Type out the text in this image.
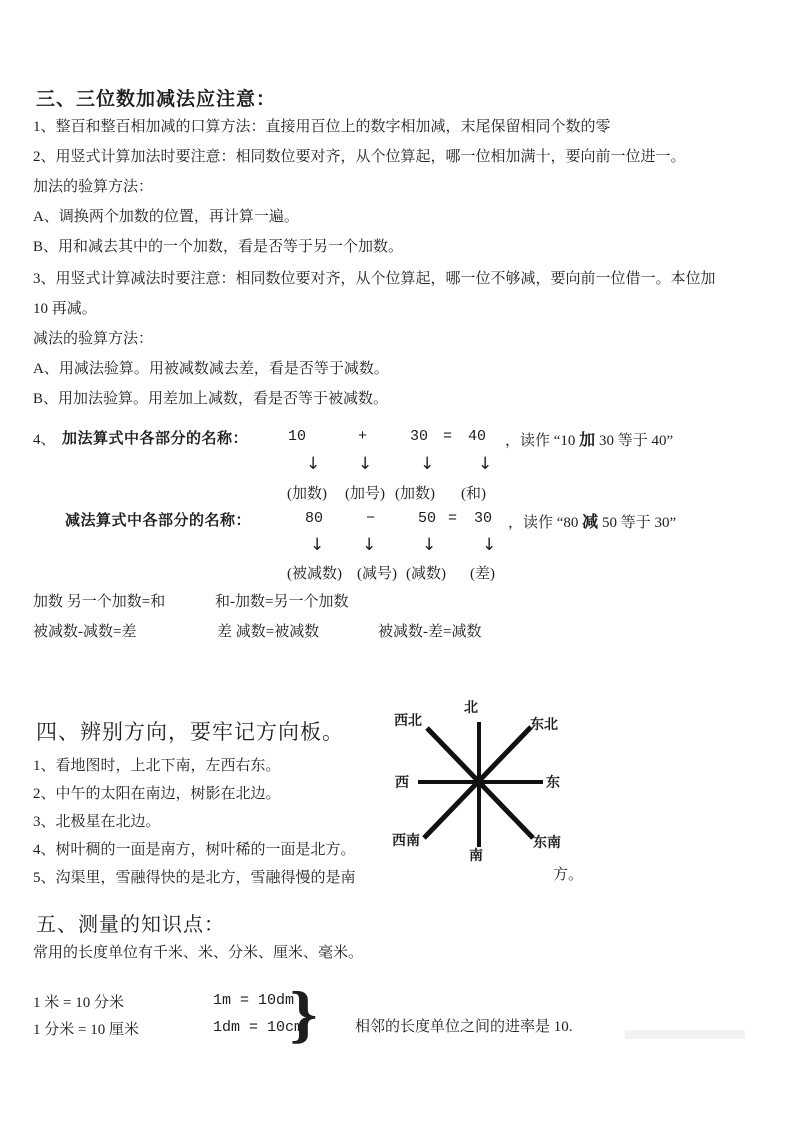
三、三位数加减法应注意：
1、整百和整百相加减的口算方法：直接用百位上的数字相加减，末尾保留相同个数的零
2、用竖式计算加法时要注意：相同数位要对齐，从个位算起，哪一位相加满十，要向前一位进一。
加法的验算方法：
A、调换两个加数的位置，再计算一遍。
B、用和减去其中的一个加数，看是否等于另一个加数。
3、用竖式计算减法时要注意：相同数位要对齐，从个位算起，哪一位不够减，要向前一位借一。本位加
10 再减。
减法的验算方法：
A、用减法验算。用被减数减去差，看是否等于减数。
B、用加法验算。用差加上减数，看是否等于被减数。
4、 加法算式中各部分的名称：	10	+	30 = 40 ，读作 “10 加 30 等于 40”
↓ ↓	↓	↓
(加数) (加号) (加数) (和)
减法算式中各部分的名称：	80	−	50 = 30 ，读作 “80 减 50 等于 30”
↓ ↓	↓	↓
(被减数) (减号) (减数) (差)
加数 另一个加数=和	和-加数=另一个加数
被减数-减数=差	差 减数=被减数	被减数-差=减数
四、辨别方向，要牢记方向板。
1、看地图时，上北下南，左西右东。
2、中午的太阳在南边，树影在北边。
3、北极星在北边。
4、树叶稠的一面是南方，树叶稀的一面是北方。
5、沟渠里，雪融得快的是北方，雪融得慢的是南	方。
北
西北	东北
西	东
西南	东南
南
五、测量的知识点：
常用的长度单位有千米、米、分米、厘米、毫米。
1 米 = 10 分米
1 分米 = 10 厘米
1m = 10dm
1dm = 10cm
}	相邻的长度单位之间的进率是 10.
